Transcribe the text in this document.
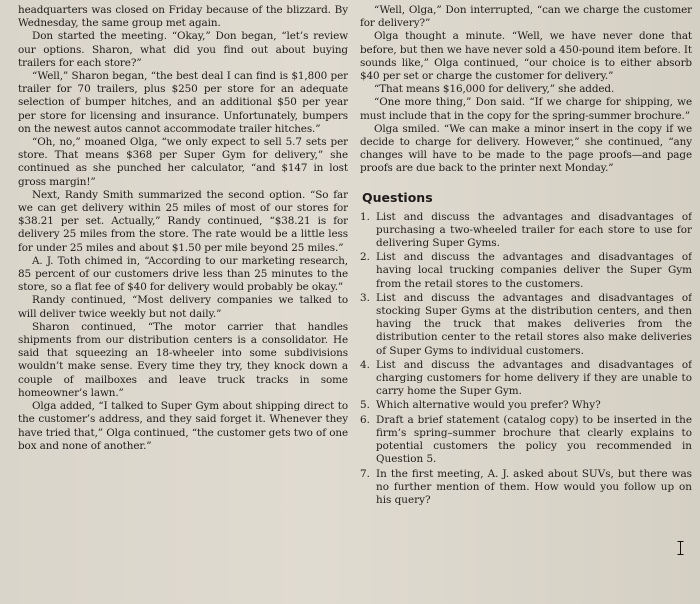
headquarters was closed on Friday because of the blizzard. By Wednesday, the same group met again.

Don started the meeting. “Okay,” Don began, “let’s review our options. Sharon, what did you find out about buying trailers for each store?”

“Well,” Sharon began, “the best deal I can find is $1,800 per trailer for 70 trailers, plus $250 per store for an adequate selection of bumper hitches, and an additional $50 per year per store for licensing and insurance. Unfortunately, bumpers on the newest autos cannot accommodate trailer hitches.”

“Oh, no,” moaned Olga, “we only expect to sell 5.7 sets per store. That means $368 per Super Gym for delivery,” she continued as she punched her calculator, “and $147 in lost gross margin!”

Next, Randy Smith summarized the second option. “So far we can get delivery within 25 miles of most of our stores for $38.21 per set. Actually,” Randy continued, “$38.21 is for delivery 25 miles from the store. The rate would be a little less for under 25 miles and about $1.50 per mile beyond 25 miles.”

A. J. Toth chimed in, “According to our marketing research, 85 percent of our customers drive less than 25 minutes to the store, so a flat fee of $40 for delivery would probably be okay.”

Randy continued, “Most delivery companies we talked to will deliver twice weekly but not daily.”

Sharon continued, “The motor carrier that handles shipments from our distribution centers is a consolidator. He said that squeezing an 18-wheeler into some subdivisions wouldn’t make sense. Every time they try, they knock down a couple of mailboxes and leave truck tracks in some homeowner’s lawn.”

Olga added, “I talked to Super Gym about shipping direct to the customer’s address, and they said forget it. Whenever they have tried that,” Olga continued, “the customer gets two of one box and none of another.”

“Well, Olga,” Don interrupted, “can we charge the customer for delivery?”

Olga thought a minute. “Well, we have never done that before, but then we have never sold a 450-pound item before. It sounds like,” Olga continued, “our choice is to either absorb $40 per set or charge the customer for delivery.”

“That means $16,000 for delivery,” she added.

“One more thing,” Don said. “If we charge for shipping, we must include that in the copy for the spring-summer brochure.”

Olga smiled. “We can make a minor insert in the copy if we decide to charge for delivery. However,” she continued, “any changes will have to be made to the page proofs—and page proofs are due back to the printer next Monday.”

Questions
1. List and discuss the advantages and disadvantages of purchasing a two-wheeled trailer for each store to use for delivering Super Gyms.
2. List and discuss the advantages and disadvantages of having local trucking companies deliver the Super Gym from the retail stores to the customers.
3. List and discuss the advantages and disadvantages of stocking Super Gyms at the distribution centers, and then having the truck that makes deliveries from the distribution center to the retail stores also make deliveries of Super Gyms to individual customers.
4. List and discuss the advantages and disadvantages of charging customers for home delivery if they are unable to carry home the Super Gym.
5. Which alternative would you prefer? Why?
6. Draft a brief statement (catalog copy) to be inserted in the firm’s spring–summer brochure that clearly explains to potential customers the policy you recommended in Question 5.
7. In the first meeting, A. J. asked about SUVs, but there was no further mention of them. How would you follow up on his query?
